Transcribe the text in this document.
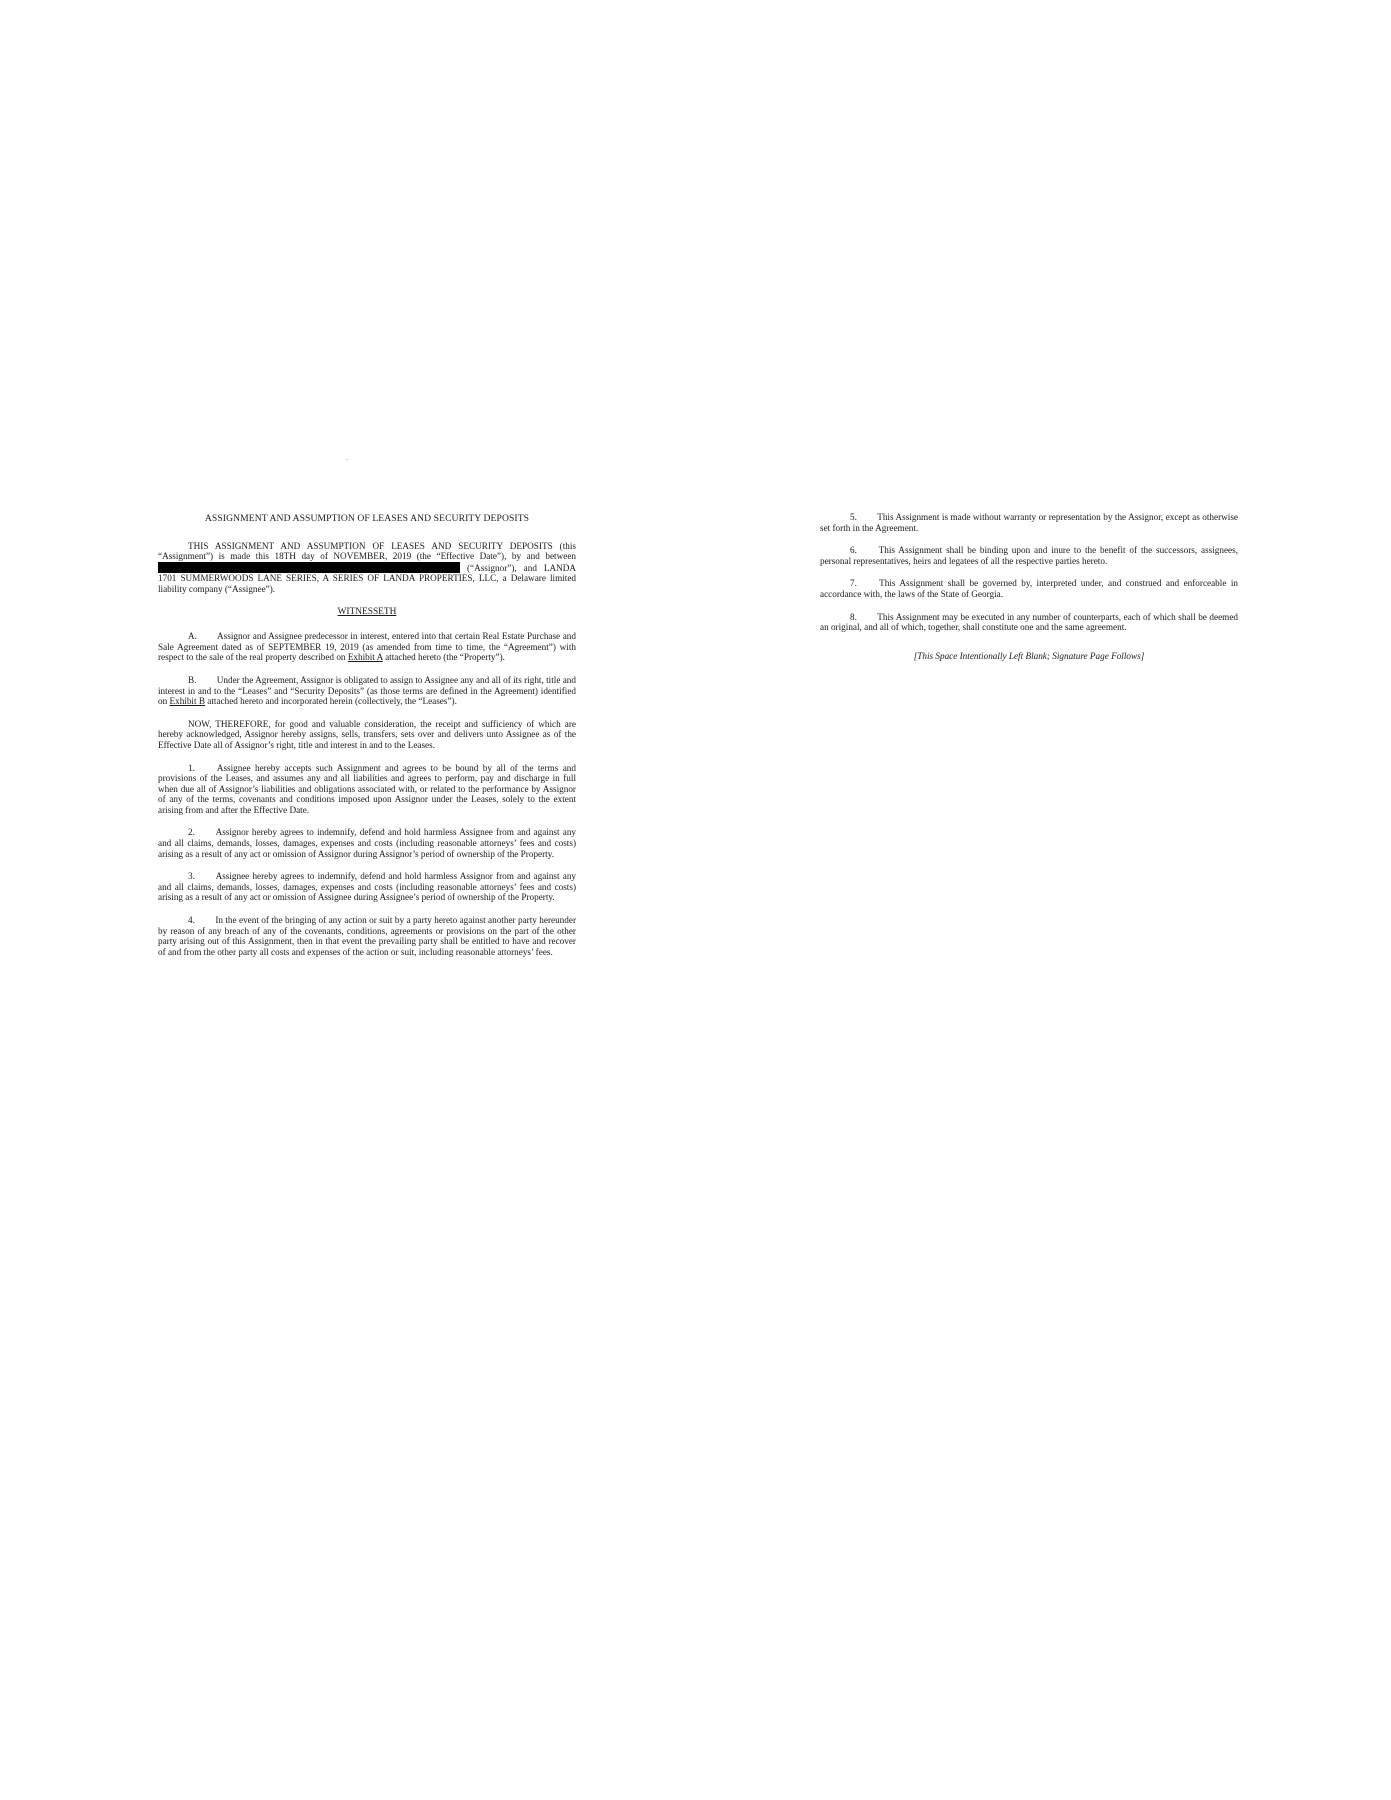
ASSIGNMENT AND ASSUMPTION OF LEASES AND SECURITY DEPOSITS

THIS ASSIGNMENT AND ASSUMPTION OF LEASES AND SECURITY DEPOSITS (this “Assignment”) is made this 18TH day of NOVEMBER, 2019 (the “Effective Date”), by and between  (“Assignor”), and LANDA 1701 SUMMERWOODS LANE SERIES, A SERIES OF LANDA PROPERTIES, LLC, a Delaware limited liability company (“Assignee”).

WITNESSETH

A. Assignor and Assignee predecessor in interest, entered into that certain Real Estate Purchase and Sale Agreement dated as of SEPTEMBER 19, 2019 (as amended from time to time, the “Agreement”) with respect to the sale of the real property described on Exhibit A attached hereto (the “Property”).

B. Under the Agreement, Assignor is obligated to assign to Assignee any and all of its right, title and interest in and to the “Leases” and “Security Deposits” (as those terms are defined in the Agreement) identified on Exhibit B attached hereto and incorporated herein (collectively, the “Leases”).

NOW, THEREFORE, for good and valuable consideration, the receipt and sufficiency of which are hereby acknowledged, Assignor hereby assigns, sells, transfers, sets over and delivers unto Assignee as of the Effective Date all of Assignor’s right, title and interest in and to the Leases.

1. Assignee hereby accepts such Assignment and agrees to be bound by all of the terms and provisions of the Leases, and assumes any and all liabilities and agrees to perform, pay and discharge in full when due all of Assignor’s liabilities and obligations associated with, or related to the performance by Assignor of any of the terms, covenants and conditions imposed upon Assignor under the Leases, solely to the extent arising from and after the Effective Date.

2. Assignor hereby agrees to indemnify, defend and hold harmless Assignee from and against any and all claims, demands, losses, damages, expenses and costs (including reasonable attorneys’ fees and costs) arising as a result of any act or omission of Assignor during Assignor’s period of ownership of the Property.

3. Assignee hereby agrees to indemnify, defend and hold harmless Assignor from and against any and all claims, demands, losses, damages, expenses and costs (including reasonable attorneys’ fees and costs) arising as a result of any act or omission of Assignee during Assignee’s period of ownership of the Property.

4. In the event of the bringing of any action or suit by a party hereto against another party hereunder by reason of any breach of any of the covenants, conditions, agreements or provisions on the part of the other party arising out of this Assignment, then in that event the prevailing party shall be entitled to have and recover of and from the other party all costs and expenses of the action or suit, including reasonable attorneys’ fees.

5. This Assignment is made without warranty or representation by the Assignor, except as otherwise set forth in the Agreement.

6. This Assignment shall be binding upon and inure to the benefit of the successors, assignees, personal representatives, heirs and legatees of all the respective parties hereto.

7. This Assignment shall be governed by, interpreted under, and construed and enforceable in accordance with, the laws of the State of Georgia.

8. This Assignment may be executed in any number of counterparts, each of which shall be deemed an original, and all of which, together, shall constitute one and the same agreement.

[This Space Intentionally Left Blank; Signature Page Follows]
